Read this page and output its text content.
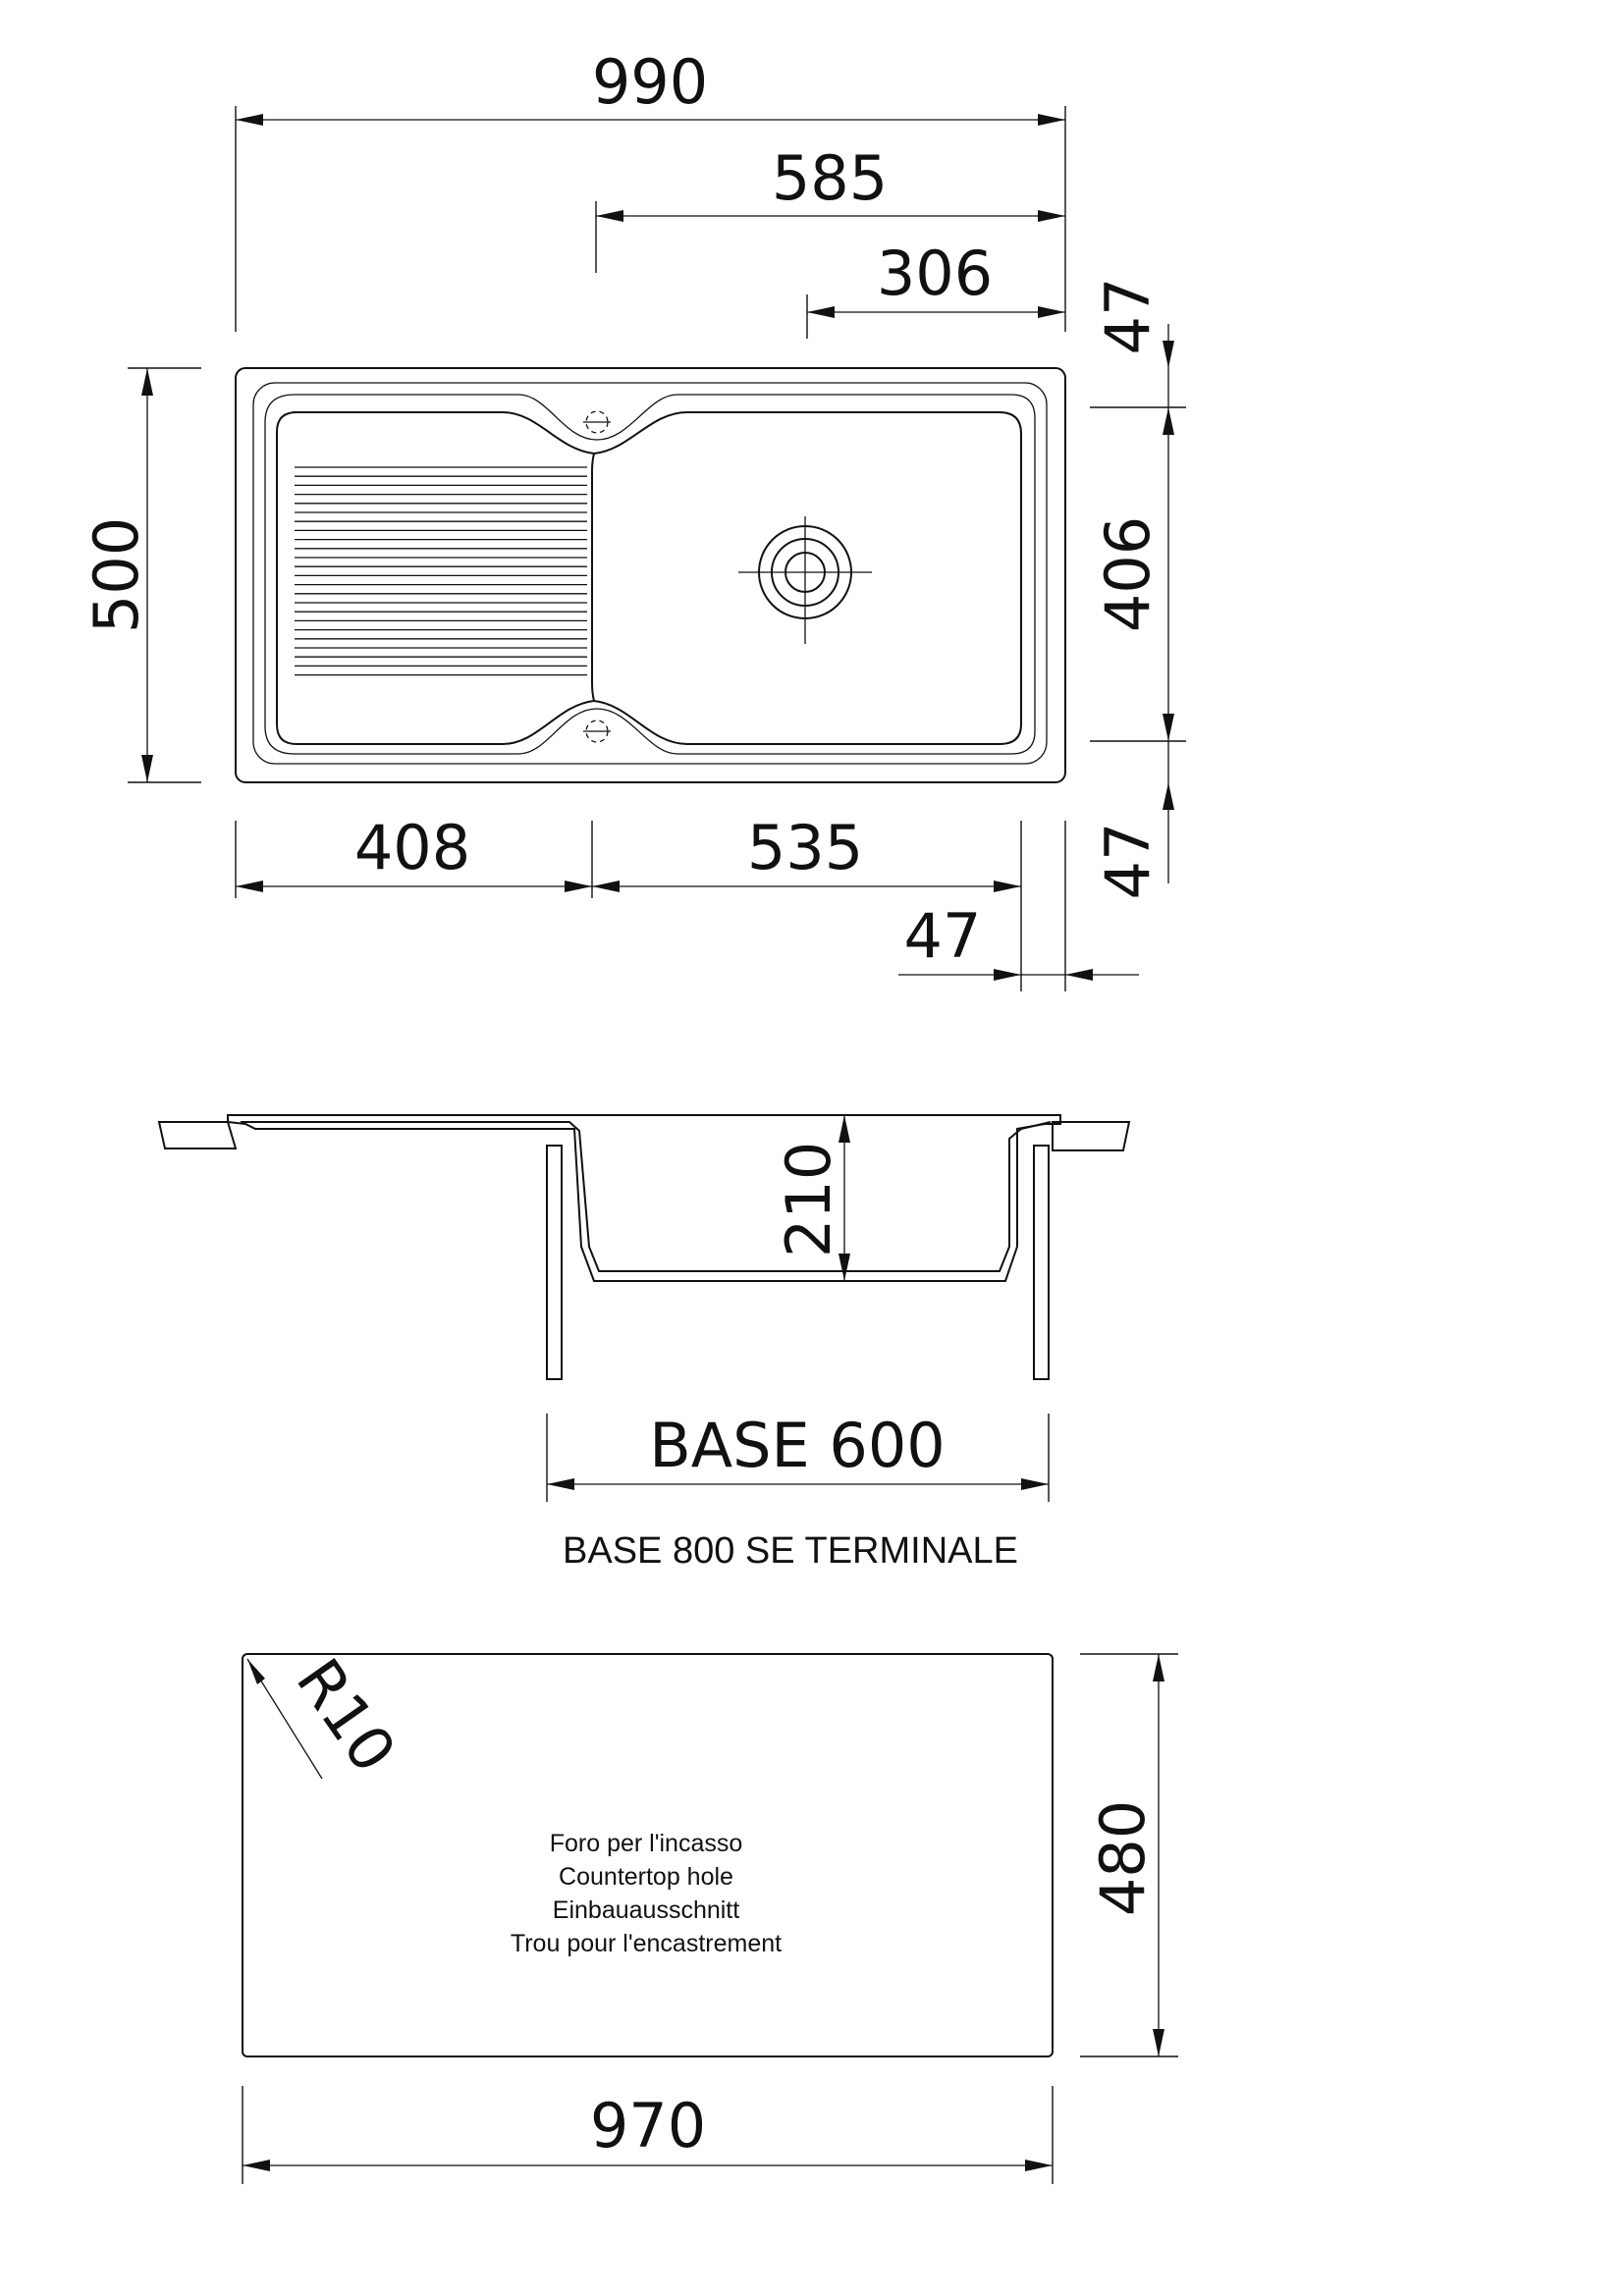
990
585
306
500
47
406
47
408	535
47
210
BASE 600
BASE 800 SE TERMINALE
R10
Foro per l'incasso
Countertop hole
Einbauausschnitt
Trou pour l'encastrement
480
970
